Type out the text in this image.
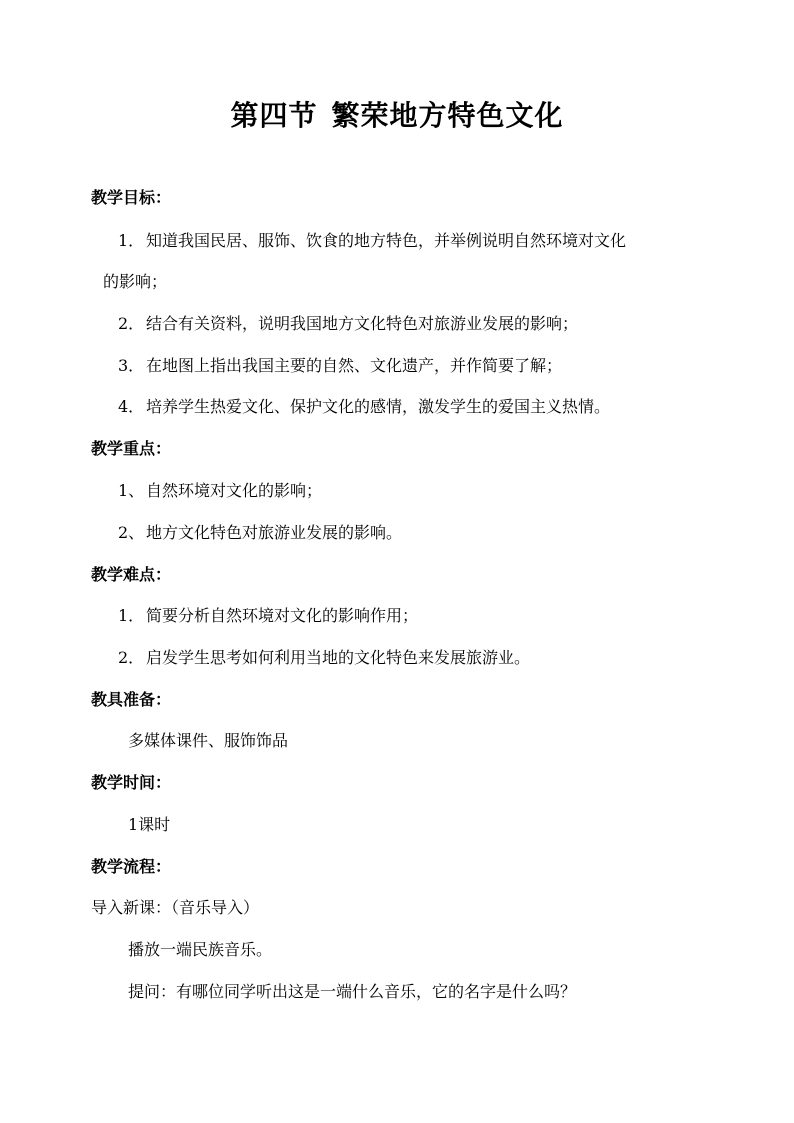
第四节 繁荣地方特色文化
教学目标：
1． 知道我国民居、服饰、饮食的地方特色，并举例说明自然环境对文化
的影响；
2． 结合有关资料，说明我国地方文化特色对旅游业发展的影响；
3． 在地图上指出我国主要的自然、文化遗产，并作简要了解；
4． 培养学生热爱文化、保护文化的感情，激发学生的爱国主义热情。
教学重点：
1、 自然环境对文化的影响；
2、 地方文化特色对旅游业发展的影响。
教学难点：
1． 简要分析自然环境对文化的影响作用；
2． 启发学生思考如何利用当地的文化特色来发展旅游业。
教具准备：
多媒体课件、服饰饰品
教学时间：
1课时
教学流程：
导入新课：（音乐导入）
播放一端民族音乐。
提问：有哪位同学听出这是一端什么音乐，它的名字是什么吗？
